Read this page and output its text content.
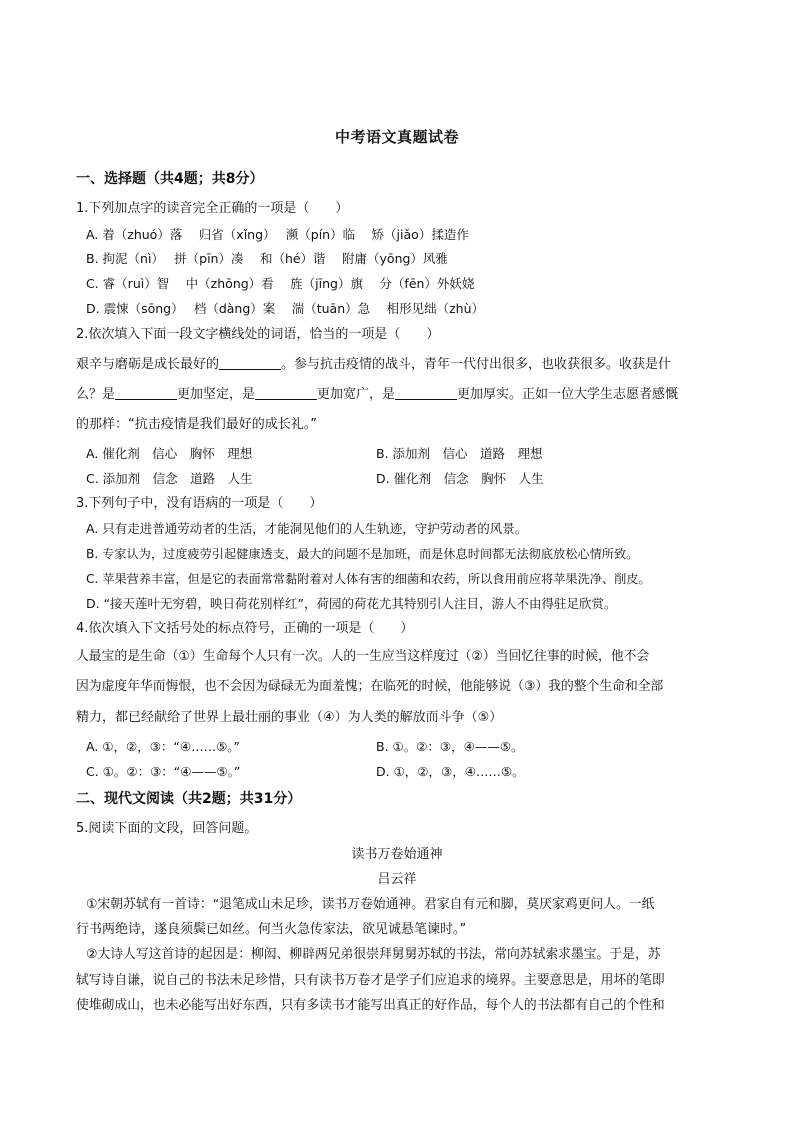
中考语文真题试卷
一、选择题（共4题；共8分）
1.下列加点字的读音完全正确的一项是（　　）
A. 着（zhuó）落　 归省（xǐng）　 濒（pín）临　 矫（jiǎo）揉造作
B. 拘泥（nì）　 拼（pīn）凑　 和（hé）谐　 附庸（yōng）风雅
C. 睿（ruì）智　 中（zhōng）看　 旌（jīng）旗　 分（fēn）外妖娆
D. 震悚（sōng）　 档（dàng）案　 湍（tuān）急　 相形见绌（zhù）
2.依次填入下面一段文字横线处的词语，恰当的一项是（　　）
艰辛与磨砺是成长最好的	。参与抗击疫情的战斗，青年一代付出很多，也收获很多。收获是什
么？是	更加坚定，是	更加宽广，是	更加厚实。正如一位大学生志愿者感慨
的那样：“抗击疫情是我们最好的成长礼。”
A. 催化剂　信心　胸怀　理想	B. 添加剂　信心　道路　理想
C. 添加剂　信念　道路　人生	D. 催化剂　信念　胸怀　人生
3.下列句子中，没有语病的一项是（　　）
A. 只有走进普通劳动者的生活，才能洞见他们的人生轨迹，守护劳动者的风景。
B. 专家认为，过度疲劳引起健康透支，最大的问题不是加班，而是休息时间都无法彻底放松心情所致。
C. 苹果营养丰富，但是它的表面常常黏附着对人体有害的细菌和农药，所以食用前应将苹果洗净、削皮。
D. “接天莲叶无穷碧，映日荷花别样红”，荷园的荷花尤其特别引人注目，游人不由得驻足欣赏。
4.依次填入下文括号处的标点符号，正确的一项是（　　）
人最宝的是生命（①）生命每个人只有一次。人的一生应当这样度过（②）当回忆往事的时候，他不会
因为虚度年华而悔恨，也不会因为碌碌无为面羞愧；在临死的时候，他能够说（③）我的整个生命和全部
精力，都已经献给了世界上最壮丽的事业（④）为人类的解放而斗争（⑤）
A. ①，②，③：“④……⑤。”	B. ①。②：③，④——⑤。
C. ①。②：③：“④——⑤。”	D. ①，②，③，④……⑤。
二、现代文阅读（共2题；共31分）
5.阅读下面的文段，回答问题。
读书万卷始通神
吕云祥
①宋朝苏轼有一首诗：“退笔成山未足珍，读书万卷始通神。君家自有元和脚，莫厌家鸡更问人。一纸
行书两绝诗，遂良须鬓已如丝。何当火急传家法，欲见诚悬笔谏时。”
②大诗人写这首诗的起因是：柳闳、柳辟两兄弟很崇拜舅舅苏轼的书法，常向苏轼索求墨宝。于是，苏
轼写诗自谦，说自己的书法未足珍惜，只有读书万卷才是学子们应追求的境界。主要意思是，用坏的笔即
使堆砌成山，也未必能写出好东西，只有多读书才能写出真正的好作品，每个人的书法都有自己的个性和
